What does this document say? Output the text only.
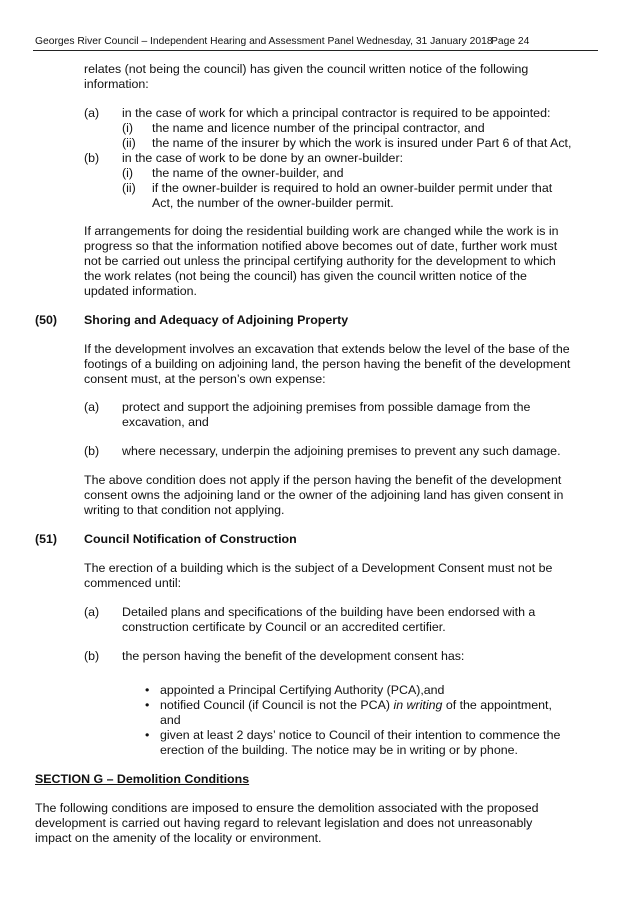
Georges River Council – Independent Hearing and Assessment Panel Wednesday, 31 January 2018
Page 24
relates (not being the council) has given the council written notice of the following
information:
(a) in the case of work for which a principal contractor is required to be appointed:
(i) the name and licence number of the principal contractor, and
(ii) the name of the insurer by which the work is insured under Part 6 of that Act,
(b) in the case of work to be done by an owner-builder:
(i) the name of the owner-builder, and
(ii) if the owner-builder is required to hold an owner-builder permit under that
Act, the number of the owner-builder permit.
If arrangements for doing the residential building work are changed while the work is in
progress so that the information notified above becomes out of date, further work must
not be carried out unless the principal certifying authority for the development to which
the work relates (not being the council) has given the council written notice of the
updated information.
(50) Shoring and Adequacy of Adjoining Property
If the development involves an excavation that extends below the level of the base of the
footings of a building on adjoining land, the person having the benefit of the development
consent must, at the person’s own expense:
(a) protect and support the adjoining premises from possible damage from the
excavation, and
(b) where necessary, underpin the adjoining premises to prevent any such damage.
The above condition does not apply if the person having the benefit of the development
consent owns the adjoining land or the owner of the adjoining land has given consent in
writing to that condition not applying.
(51) Council Notification of Construction
The erection of a building which is the subject of a Development Consent must not be
commenced until:
(a) Detailed plans and specifications of the building have been endorsed with a
construction certificate by Council or an accredited certifier.
(b) the person having the benefit of the development consent has:
• appointed a Principal Certifying Authority (PCA),and
• notified Council (if Council is not the PCA) in writing of the appointment,
and
• given at least 2 days’ notice to Council of their intention to commence the
erection of the building. The notice may be in writing or by phone.
SECTION G – Demolition Conditions
The following conditions are imposed to ensure the demolition associated with the proposed
development is carried out having regard to relevant legislation and does not unreasonably
impact on the amenity of the locality or environment.
